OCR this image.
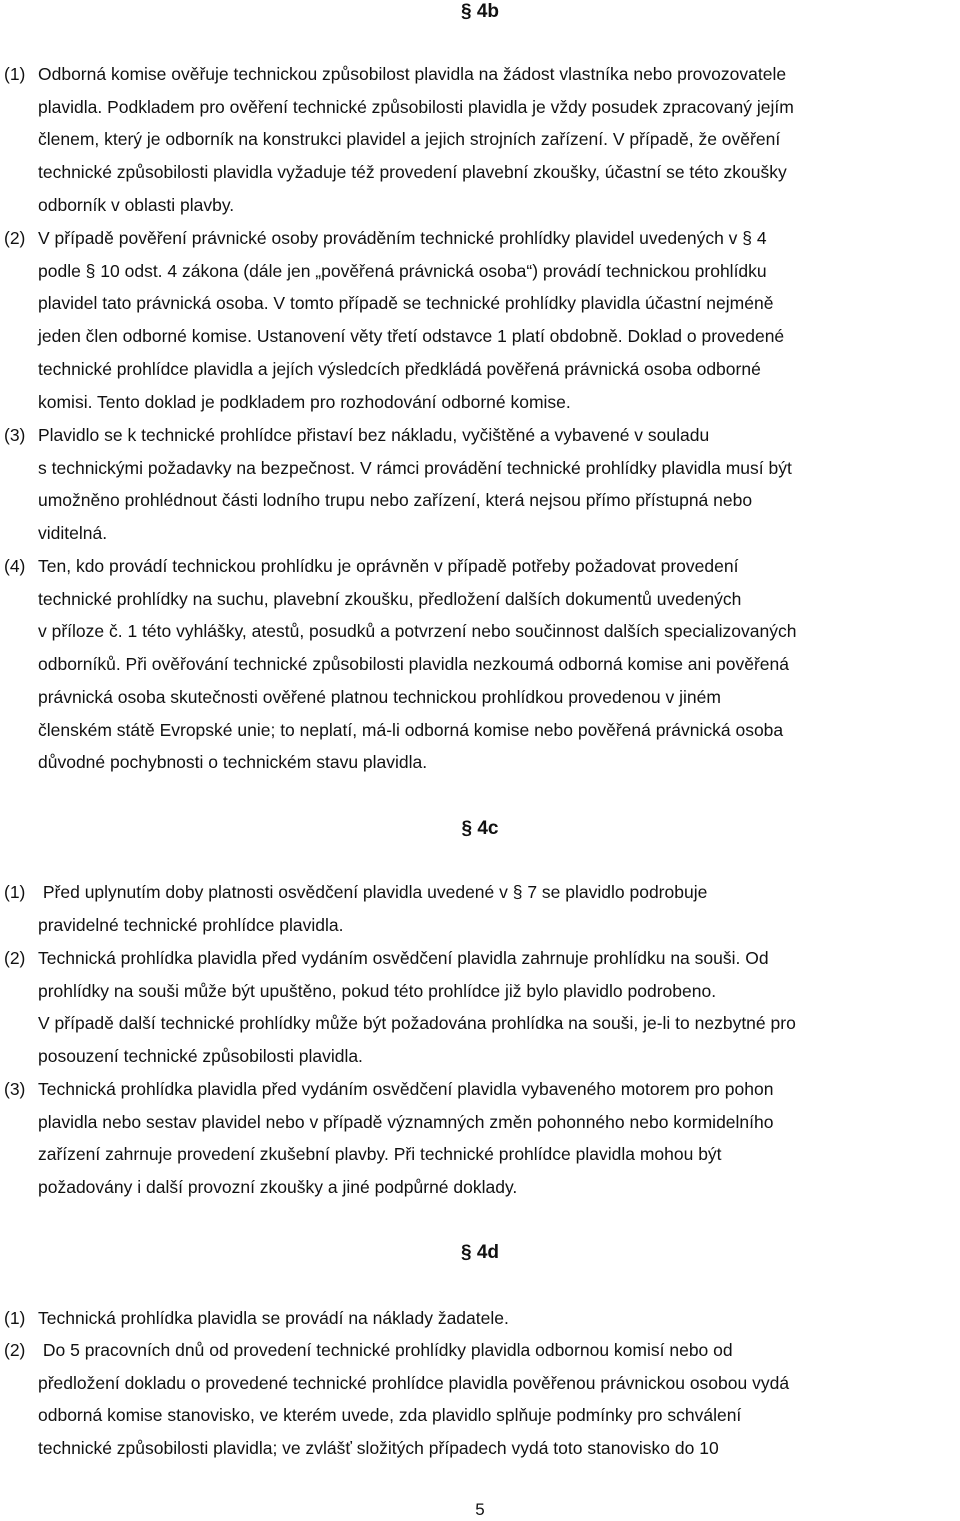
§ 4b
(1) Odborná komise ověřuje technickou způsobilost plavidla na žádost vlastníka nebo provozovatele
plavidla. Podkladem pro ověření technické způsobilosti plavidla je vždy posudek zpracovaný jejím
členem, který je odborník na konstrukci plavidel a jejich strojních zařízení. V případě, že ověření
technické způsobilosti plavidla vyžaduje též provedení plavební zkoušky, účastní se této zkoušky
odborník v oblasti plavby.
(2) V případě pověření právnické osoby prováděním technické prohlídky plavidel uvedených v § 4
podle § 10 odst. 4 zákona (dále jen „pověřená právnická osoba“) provádí technickou prohlídku
plavidel tato právnická osoba. V tomto případě se technické prohlídky plavidla účastní nejméně
jeden člen odborné komise. Ustanovení věty třetí odstavce 1 platí obdobně. Doklad o provedené
technické prohlídce plavidla a jejích výsledcích předkládá pověřená právnická osoba odborné
komisi. Tento doklad je podkladem pro rozhodování odborné komise.
(3) Plavidlo se k technické prohlídce přistaví bez nákladu, vyčištěné a vybavené v souladu
s technickými požadavky na bezpečnost. V rámci provádění technické prohlídky plavidla musí být
umožněno prohlédnout části lodního trupu nebo zařízení, která nejsou přímo přístupná nebo
viditelná.
(4) Ten, kdo provádí technickou prohlídku je oprávněn v případě potřeby požadovat provedení
technické prohlídky na suchu, plavební zkoušku, předložení dalších dokumentů uvedených
v příloze č. 1 této vyhlášky, atestů, posudků a potvrzení nebo součinnost dalších specializovaných
odborníků. Při ověřování technické způsobilosti plavidla nezkoumá odborná komise ani pověřená
právnická osoba skutečnosti ověřené platnou technickou prohlídkou provedenou v jiném
členském státě Evropské unie; to neplatí, má-li odborná komise nebo pověřená právnická osoba
důvodné pochybnosti o technickém stavu plavidla.
§ 4c
(1) Před uplynutím doby platnosti osvědčení plavidla uvedené v § 7 se plavidlo podrobuje
pravidelné technické prohlídce plavidla.
(2) Technická prohlídka plavidla před vydáním osvědčení plavidla zahrnuje prohlídku na souši. Od
prohlídky na souši může být upuštěno, pokud této prohlídce již bylo plavidlo podrobeno.
V případě další technické prohlídky může být požadována prohlídka na souši, je-li to nezbytné pro
posouzení technické způsobilosti plavidla.
(3) Technická prohlídka plavidla před vydáním osvědčení plavidla vybaveného motorem pro pohon
plavidla nebo sestav plavidel nebo v případě významných změn pohonného nebo kormidelního
zařízení zahrnuje provedení zkušební plavby. Při technické prohlídce plavidla mohou být
požadovány i další provozní zkoušky a jiné podpůrné doklady.
§ 4d
(1) Technická prohlídka plavidla se provádí na náklady žadatele.
(2) Do 5 pracovních dnů od provedení technické prohlídky plavidla odbornou komisí nebo od
předložení dokladu o provedené technické prohlídce plavidla pověřenou právnickou osobou vydá
odborná komise stanovisko, ve kterém uvede, zda plavidlo splňuje podmínky pro schválení
technické způsobilosti plavidla; ve zvlášť složitých případech vydá toto stanovisko do 10
5
